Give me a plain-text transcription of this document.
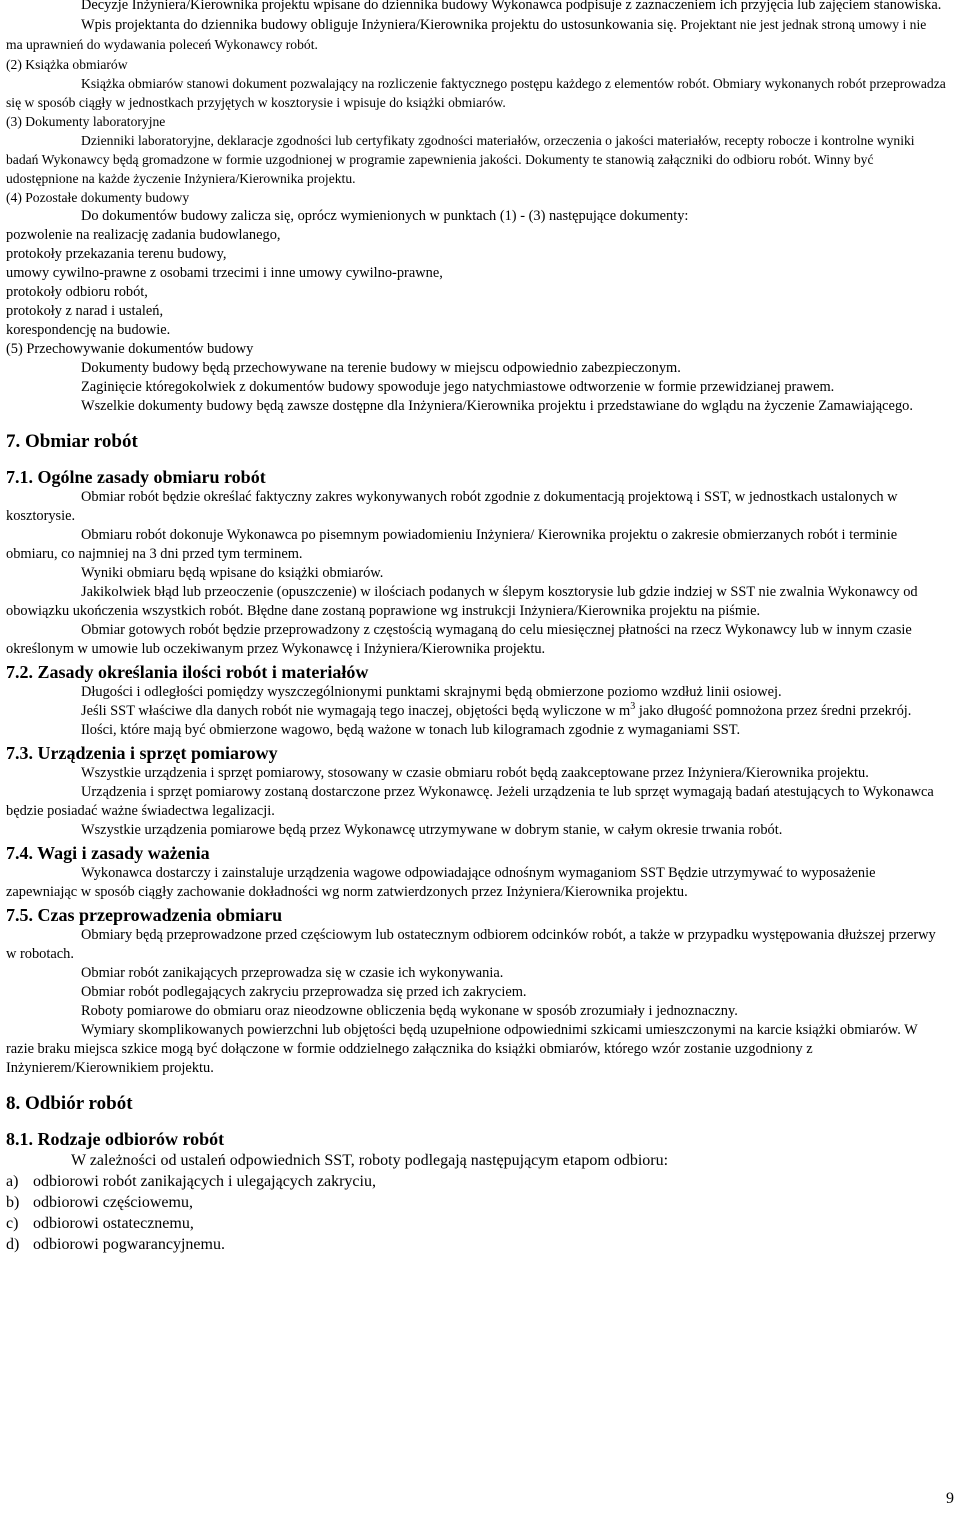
Decyzje Inżyniera/Kierownika projektu wpisane do dziennika budowy Wykonawca podpisuje z zaznaczeniem ich przyjęcia lub zajęciem stanowiska.

Wpis projektanta do dziennika budowy obliguje Inżyniera/Kierownika projektu do ustosunkowania się. Projektant nie jest jednak stroną umowy i nie ma uprawnień do wydawania poleceń Wykonawcy robót.

(2) Książka obmiarów

Książka obmiarów stanowi dokument pozwalający na rozliczenie faktycznego postępu każdego z elementów robót. Obmiary wykonanych robót przeprowadza się w sposób ciągły w jednostkach przyjętych w kosztorysie i wpisuje do książki obmiarów.

(3) Dokumenty laboratoryjne

Dzienniki laboratoryjne, deklaracje zgodności lub certyfikaty zgodności materiałów, orzeczenia o jakości materiałów, recepty robocze i kontrolne wyniki badań Wykonawcy będą gromadzone w formie uzgodnionej w programie zapewnienia jakości. Dokumenty te stanowią załączniki do odbioru robót. Winny być udostępnione na każde życzenie Inżyniera/Kierownika projektu.

(4) Pozostałe dokumenty budowy

Do dokumentów budowy zalicza się, oprócz wymienionych w punktach (1) - (3) następujące dokumenty:

pozwolenie na realizację zadania budowlanego,

protokoły przekazania terenu budowy,

umowy cywilno-prawne z osobami trzecimi i inne umowy cywilno-prawne,

protokoły odbioru robót,

protokoły z narad i ustaleń,

korespondencję na budowie.

(5) Przechowywanie dokumentów budowy

Dokumenty budowy będą przechowywane na terenie budowy w miejscu odpowiednio zabezpieczonym.

Zaginięcie któregokolwiek z dokumentów budowy spowoduje jego natychmiastowe odtworzenie w formie przewidzianej prawem.

Wszelkie dokumenty budowy będą zawsze dostępne dla Inżyniera/Kierownika projektu i przedstawiane do wglądu na życzenie Zamawiającego.

7. Obmiar robót
7.1. Ogólne zasady obmiaru robót

Obmiar robót będzie określać faktyczny zakres wykonywanych robót zgodnie z dokumentacją projektową i SST, w jednostkach ustalonych w kosztorysie.

Obmiaru robót dokonuje Wykonawca po pisemnym powiadomieniu Inżyniera/ Kierownika projektu o zakresie obmierzanych robót i terminie obmiaru, co najmniej na 3 dni przed tym terminem.

Wyniki obmiaru będą wpisane do książki obmiarów.

Jakikolwiek błąd lub przeoczenie (opuszczenie) w ilościach podanych w ślepym kosztorysie lub gdzie indziej w SST nie zwalnia Wykonawcy od obowiązku ukończenia wszystkich robót. Błędne dane zostaną poprawione wg instrukcji Inżyniera/Kierownika projektu na piśmie.

Obmiar gotowych robót będzie przeprowadzony z częstością wymaganą do celu miesięcznej płatności na rzecz Wykonawcy lub w innym czasie określonym w umowie lub oczekiwanym przez Wykonawcę i Inżyniera/Kierownika projektu.

7.2. Zasady określania ilości robót i materiałów

Długości i odległości pomiędzy wyszczególnionymi punktami skrajnymi będą obmierzone poziomo wzdłuż linii osiowej.

Jeśli SST właściwe dla danych robót nie wymagają tego inaczej, objętości będą wyliczone w $m^3$ jako długość pomnożona przez średni przekrój.

Ilości, które mają być obmierzone wagowo, będą ważone w tonach lub kilogramach zgodnie z wymaganiami SST.

7.3. Urządzenia i sprzęt pomiarowy

Wszystkie urządzenia i sprzęt pomiarowy, stosowany w czasie obmiaru robót będą zaakceptowane przez Inżyniera/Kierownika projektu.

Urządzenia i sprzęt pomiarowy zostaną dostarczone przez Wykonawcę. Jeżeli urządzenia te lub sprzęt wymagają badań atestujących to Wykonawca będzie posiadać ważne świadectwa legalizacji.

Wszystkie urządzenia pomiarowe będą przez Wykonawcę utrzymywane w dobrym stanie, w całym okresie trwania robót.

7.4. Wagi i zasady ważenia

Wykonawca dostarczy i zainstaluje urządzenia wagowe odpowiadające odnośnym wymaganiom SST Będzie utrzymywać to wyposażenie zapewniając w sposób ciągły zachowanie dokładności wg norm zatwierdzonych przez Inżyniera/Kierownika projektu.

7.5. Czas przeprowadzenia obmiaru

Obmiary będą przeprowadzone przed częściowym lub ostatecznym odbiorem odcinków robót, a także w przypadku występowania dłuższej przerwy w robotach.

Obmiar robót zanikających przeprowadza się w czasie ich wykonywania.

Obmiar robót podlegających zakryciu przeprowadza się przed ich zakryciem.

Roboty pomiarowe do obmiaru oraz nieodzowne obliczenia będą wykonane w sposób zrozumiały i jednoznaczny.

Wymiary skomplikowanych powierzchni lub objętości będą uzupełnione odpowiednimi szkicami umieszczonymi na karcie książki obmiarów. W razie braku miejsca szkice mogą być dołączone w formie oddzielnego załącznika do książki obmiarów, którego wzór zostanie uzgodniony z Inżynierem/Kierownikiem projektu.

8. Odbiór robót
8.1. Rodzaje odbiorów robót

W zależności od ustaleń odpowiednich SST, roboty podlegają następującym etapom odbioru:

a) odbiorowi robót zanikających i ulegających zakryciu,
b) odbiorowi częściowemu,
c) odbiorowi ostatecznemu,
d) odbiorowi pogwarancyjnemu.
9
